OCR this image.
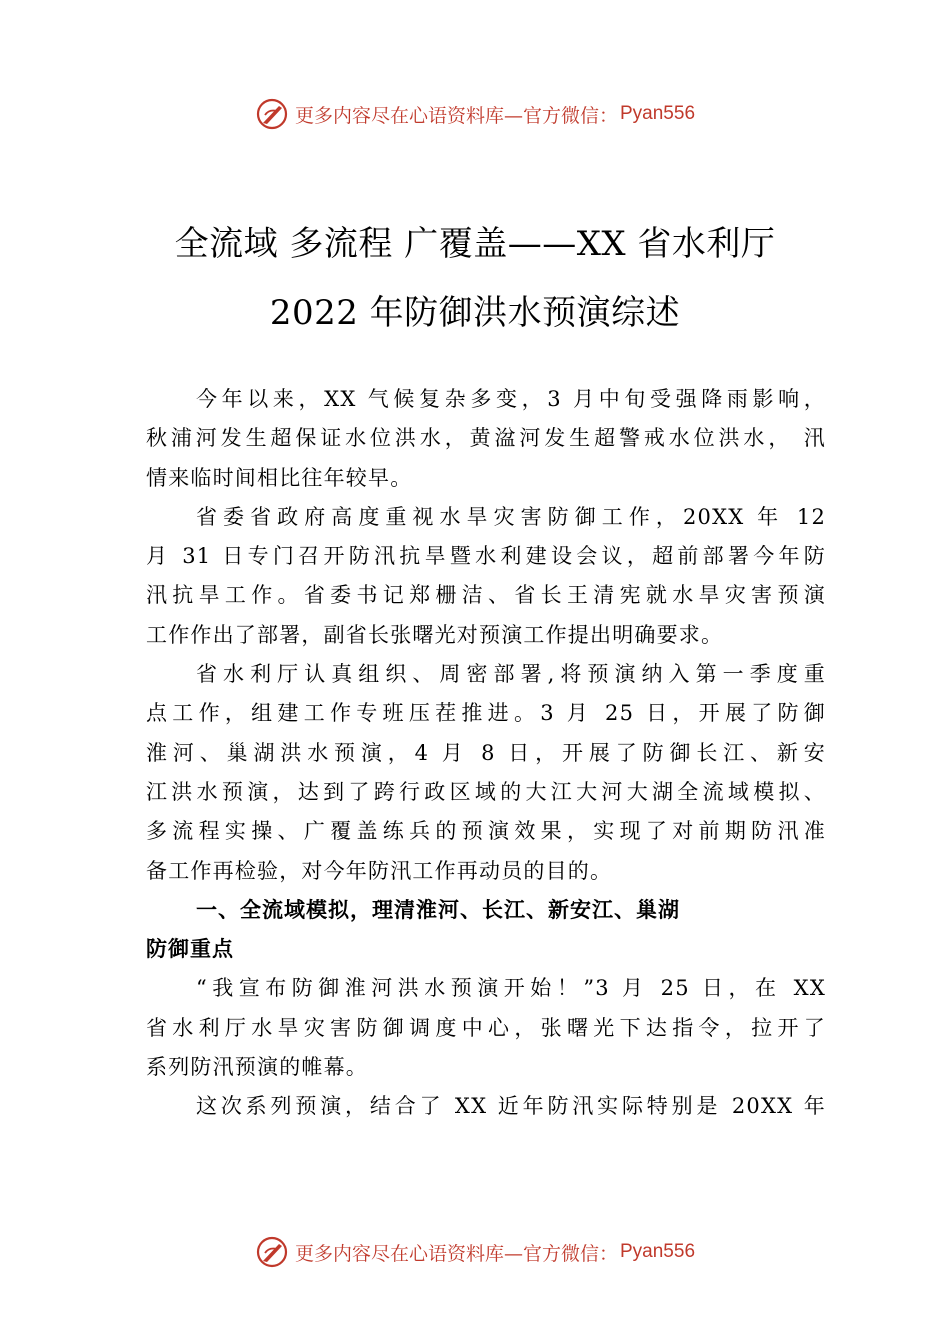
更多内容尽在心语资料库—官方微信： Pyan556
全流域 多流程 广覆盖——XX 省水利厅
2022 年防御洪水预演综述
今年以来，XX 气候复杂多变，3 月中旬受强降雨影响，
秋浦河发生超保证水位洪水，黄湓河发生超警戒水位洪水， 汛
情来临时间相比往年较早。
省委省政府高度重视水旱灾害防御工作，20XX 年 12
月 31 日专门召开防汛抗旱暨水利建设会议，超前部署今年防
汛抗旱工作。省委书记郑栅洁、省长王清宪就水旱灾害预演
工作作出了部署，副省长张曙光对预演工作提出明确要求。
省水利厅认真组织、周密部署,将预演纳入第一季度重
点工作，组建工作专班压茬推进。3 月 25 日，开展了防御
淮河、巢湖洪水预演，4 月 8 日，开展了防御长江、新安
江洪水预演，达到了跨行政区域的大江大河大湖全流域模拟、
多流程实操、广覆盖练兵的预演效果，实现了对前期防汛准
备工作再检验，对今年防汛工作再动员的目的。
一、全流域模拟，理清淮河、长江、新安江、巢湖
防御重点
“我宣布防御淮河洪水预演开始！”3 月 25 日，在 XX
省水利厅水旱灾害防御调度中心，张曙光下达指令，拉开了
系列防汛预演的帷幕。
这次系列预演，结合了 XX 近年防汛实际特别是 20XX 年
更多内容尽在心语资料库—官方微信： Pyan556
